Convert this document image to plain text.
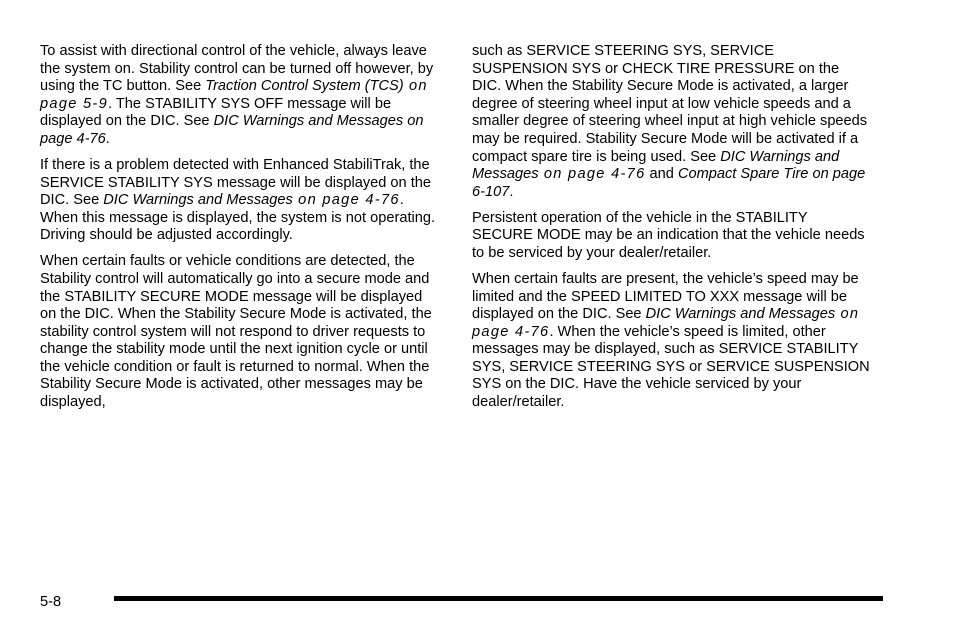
To assist with directional control of the vehicle, always leave the system on. Stability control can be turned off however, by using the TC button. See Traction Control System (TCS) on page 5-9. The STABILITY SYS OFF message will be displayed on the DIC. See DIC Warnings and Messages on page 4-76.

If there is a problem detected with Enhanced StabiliTrak, the SERVICE STABILITY SYS message will be displayed on the DIC. See DIC Warnings and Messages on page 4-76. When this message is displayed, the system is not operating. Driving should be adjusted accordingly.

When certain faults or vehicle conditions are detected, the Stability control will automatically go into a secure mode and the STABILITY SECURE MODE message will be displayed on the DIC. When the Stability Secure Mode is activated, the stability control system will not respond to driver requests to change the stability mode until the next ignition cycle or until the vehicle condition or fault is returned to normal. When the Stability Secure Mode is activated, other messages may be displayed,

such as SERVICE STEERING SYS, SERVICE SUSPENSION SYS or CHECK TIRE PRESSURE on the DIC. When the Stability Secure Mode is activated, a larger degree of steering wheel input at low vehicle speeds and a smaller degree of steering wheel input at high vehicle speeds may be required. Stability Secure Mode will be activated if a compact spare tire is being used. See DIC Warnings and Messages on page 4-76 and Compact Spare Tire on page 6-107.

Persistent operation of the vehicle in the STABILITY SECURE MODE may be an indication that the vehicle needs to be serviced by your dealer/retailer.

When certain faults are present, the vehicle’s speed may be limited and the SPEED LIMITED TO XXX message will be displayed on the DIC. See DIC Warnings and Messages on page 4-76. When the vehicle’s speed is limited, other messages may be displayed, such as SERVICE STABILITY SYS, SERVICE STEERING SYS or SERVICE SUSPENSION SYS on the DIC. Have the vehicle serviced by your dealer/retailer.

5-8
